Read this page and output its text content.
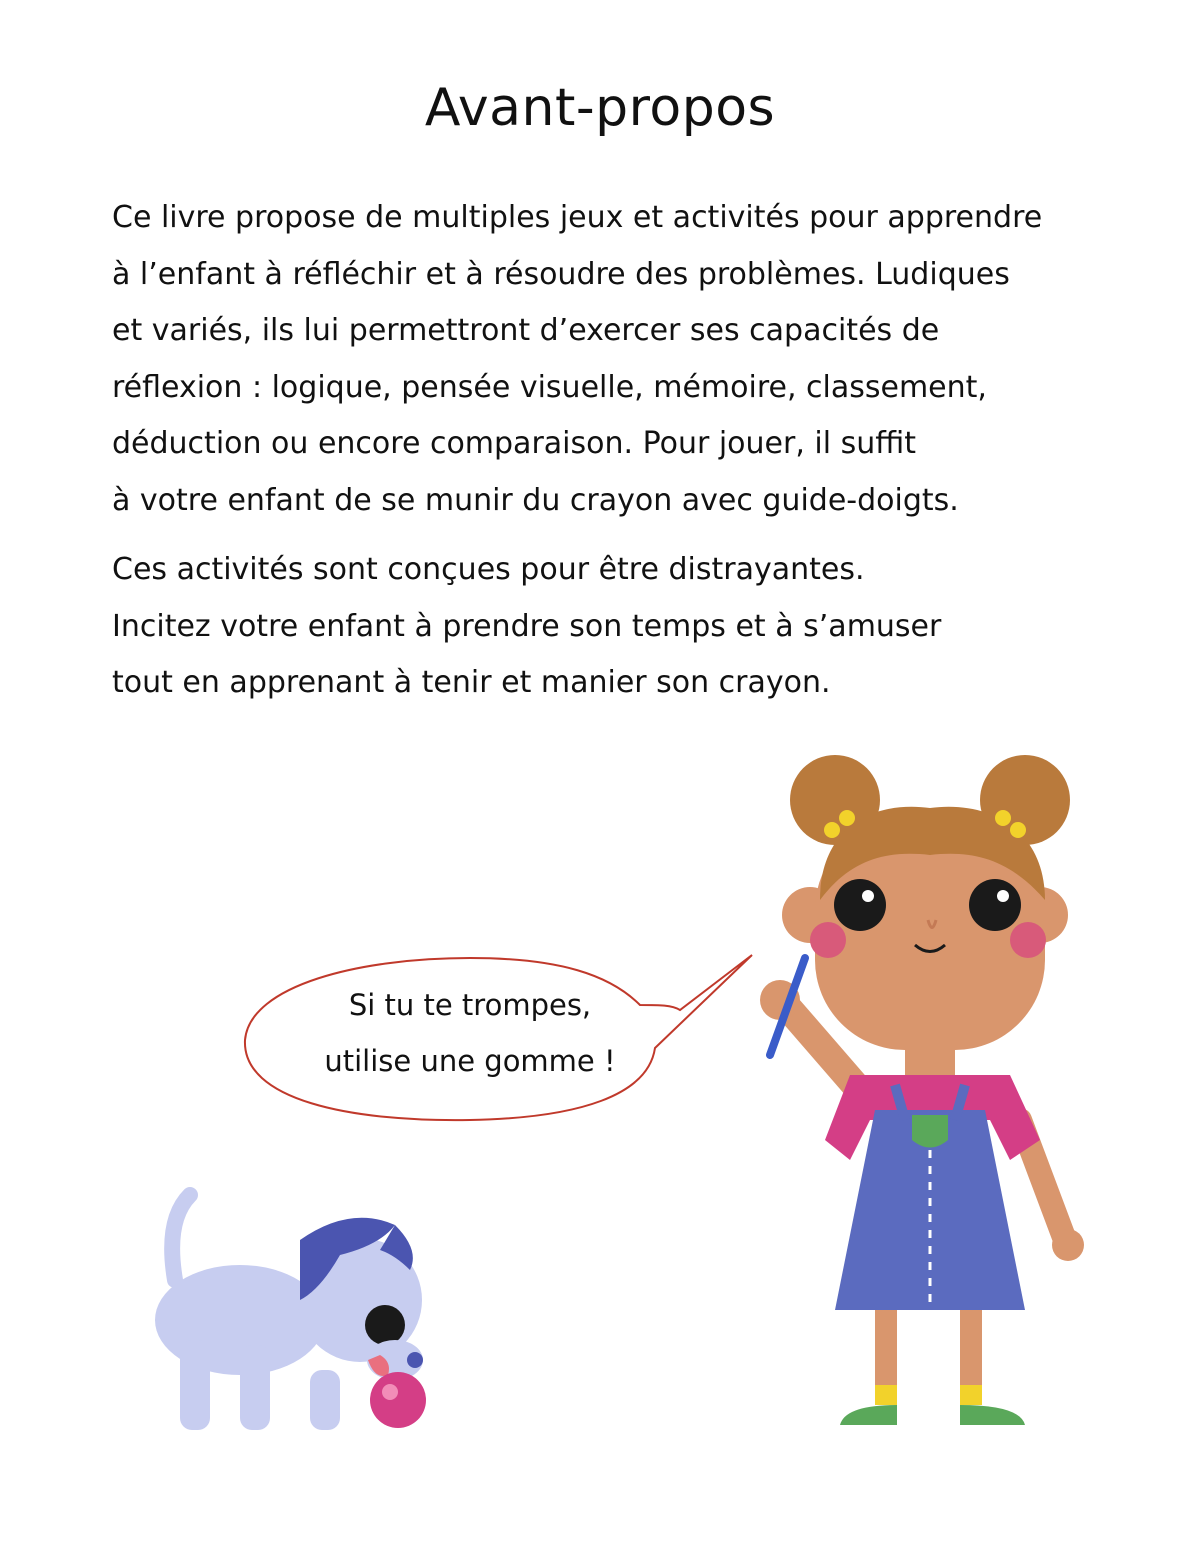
Avant-propos

Ce livre propose de multiples jeux et activités pour apprendre
à l’enfant à réfléchir et à résoudre des problèmes. Ludiques
et variés, ils lui permettront d’exercer ses capacités de
réflexion : logique, pensée visuelle, mémoire, classement,
déduction ou encore comparaison. Pour jouer, il suffit
à votre enfant de se munir du crayon avec guide-doigts.

Ces activités sont conçues pour être distrayantes.
Incitez votre enfant à prendre son temps et à s’amuser
tout en apprenant à tenir et manier son crayon.

Si tu te trompes,
utilise une gomme !
